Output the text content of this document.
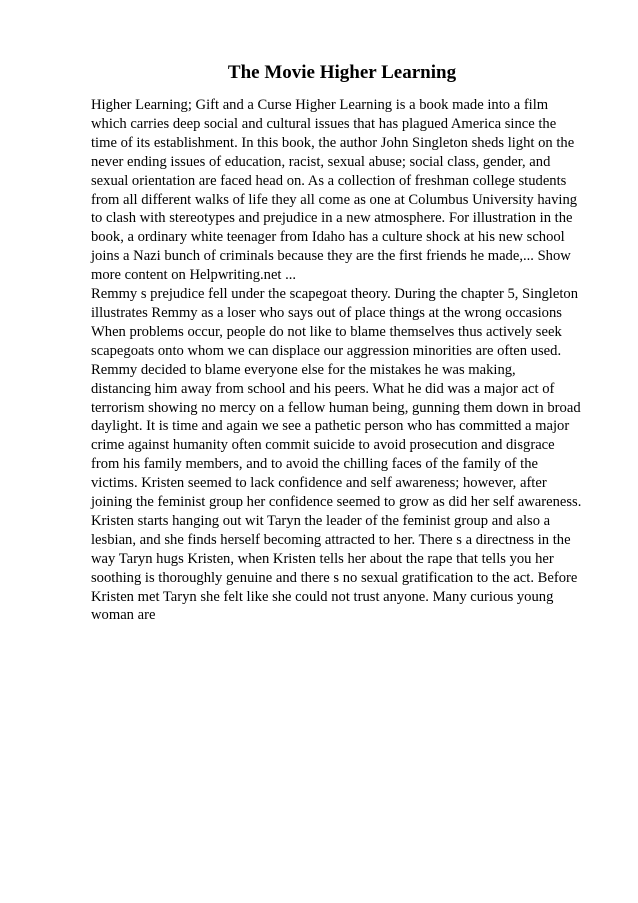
The Movie Higher Learning
Higher Learning; Gift and a Curse Higher Learning is a book made into a film
which carries deep social and cultural issues that has plagued America since the
time of its establishment. In this book, the author John Singleton sheds light on the
never ending issues of education, racist, sexual abuse; social class, gender, and
sexual orientation are faced head on. As a collection of freshman college students
from all different walks of life they all come as one at Columbus University having
to clash with stereotypes and prejudice in a new atmosphere. For illustration in the
book, a ordinary white teenager from Idaho has a culture shock at his new school
joins a Nazi bunch of criminals because they are the first friends he made,... Show
more content on Helpwriting.net ...
Remmy s prejudice fell under the scapegoat theory. During the chapter 5, Singleton
illustrates Remmy as a loser who says out of place things at the wrong occasions
When problems occur, people do not like to blame themselves thus actively seek
scapegoats onto whom we can displace our aggression minorities are often used.
Remmy decided to blame everyone else for the mistakes he was making,
distancing him away from school and his peers. What he did was a major act of
terrorism showing no mercy on a fellow human being, gunning them down in broad
daylight. It is time and again we see a pathetic person who has committed a major
crime against humanity often commit suicide to avoid prosecution and disgrace
from his family members, and to avoid the chilling faces of the family of the
victims. Kristen seemed to lack confidence and self awareness; however, after
joining the feminist group her confidence seemed to grow as did her self awareness.
Kristen starts hanging out wit Taryn the leader of the feminist group and also a
lesbian, and she finds herself becoming attracted to her. There s a directness in the
way Taryn hugs Kristen, when Kristen tells her about the rape that tells you her
soothing is thoroughly genuine and there s no sexual gratification to the act. Before
Kristen met Taryn she felt like she could not trust anyone. Many curious young
woman are
